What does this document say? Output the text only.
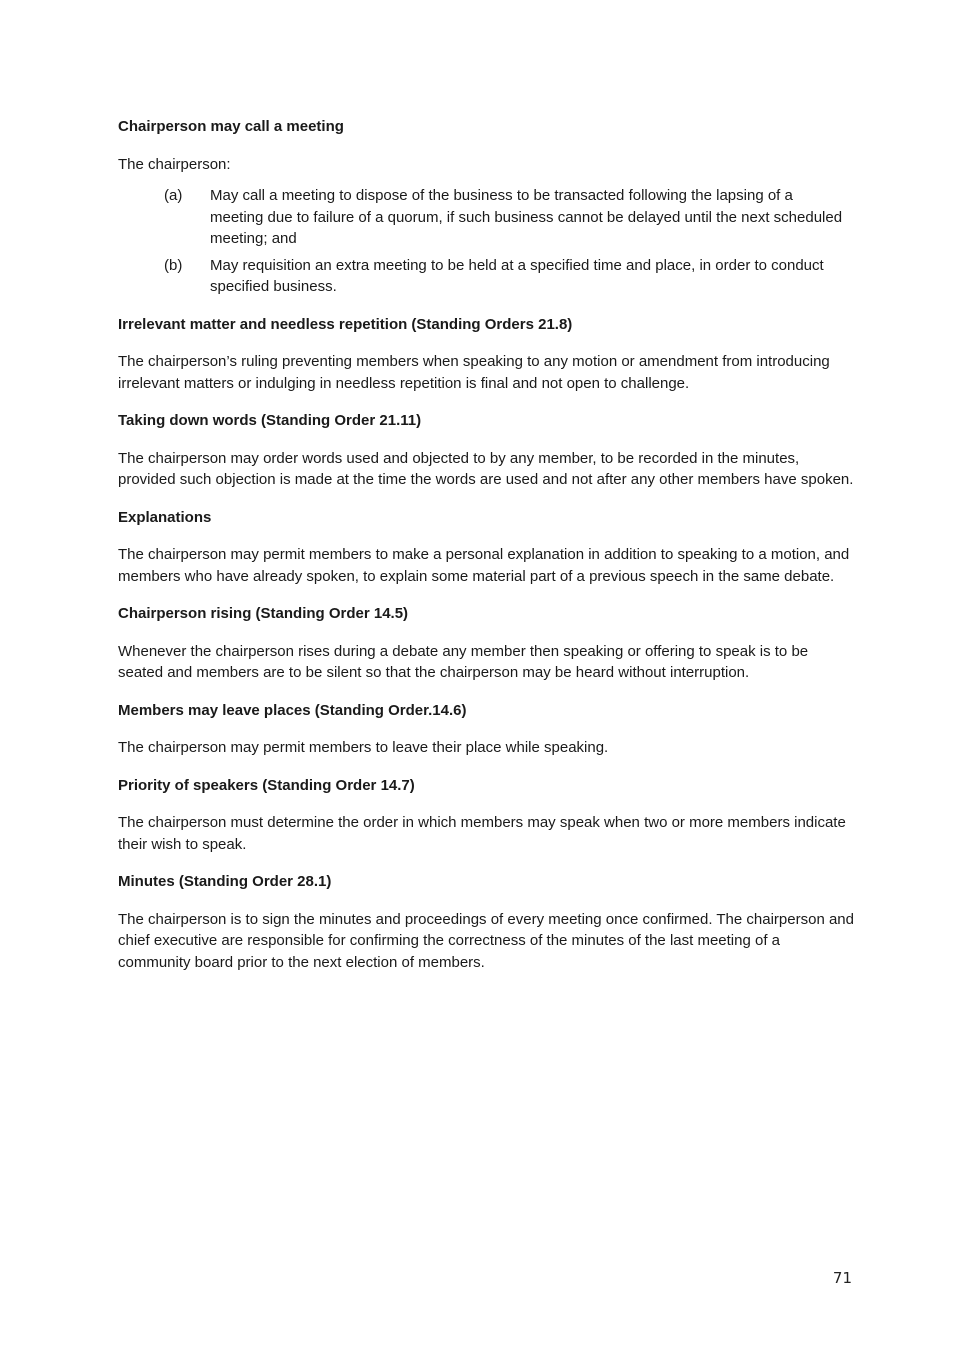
Chairperson may call a meeting
The chairperson:
(a)	May call a meeting to dispose of the business to be transacted following the lapsing of a meeting due to failure of a quorum, if such business cannot be delayed until the next scheduled meeting; and
(b)	May requisition an extra meeting to be held at a specified time and place, in order to conduct specified business.
Irrelevant matter and needless repetition (Standing Orders 21.8)
The chairperson’s ruling preventing members when speaking to any motion or amendment from introducing irrelevant matters or indulging in needless repetition is final and not open to challenge.
Taking down words (Standing Order 21.11)
The chairperson may order words used and objected to by any member, to be recorded in the minutes, provided such objection is made at the time the words are used and not after any other members have spoken.
Explanations
The chairperson may permit members to make a personal explanation in addition to speaking to a motion, and members who have already spoken, to explain some material part of a previous speech in the same debate.
Chairperson rising (Standing Order 14.5)
Whenever the chairperson rises during a debate any member then speaking or offering to speak is to be seated and members are to be silent so that the chairperson may be heard without interruption.
Members may leave places (Standing Order.14.6)
The chairperson may permit members to leave their place while speaking.
Priority of speakers (Standing Order 14.7)
The chairperson must determine the order in which members may speak when two or more members indicate their wish to speak.
Minutes (Standing Order 28.1)
The chairperson is to sign the minutes and proceedings of every meeting once confirmed. The chairperson and chief executive are responsible for confirming the correctness of the minutes of the last meeting of a community board prior to the next election of members.
71
